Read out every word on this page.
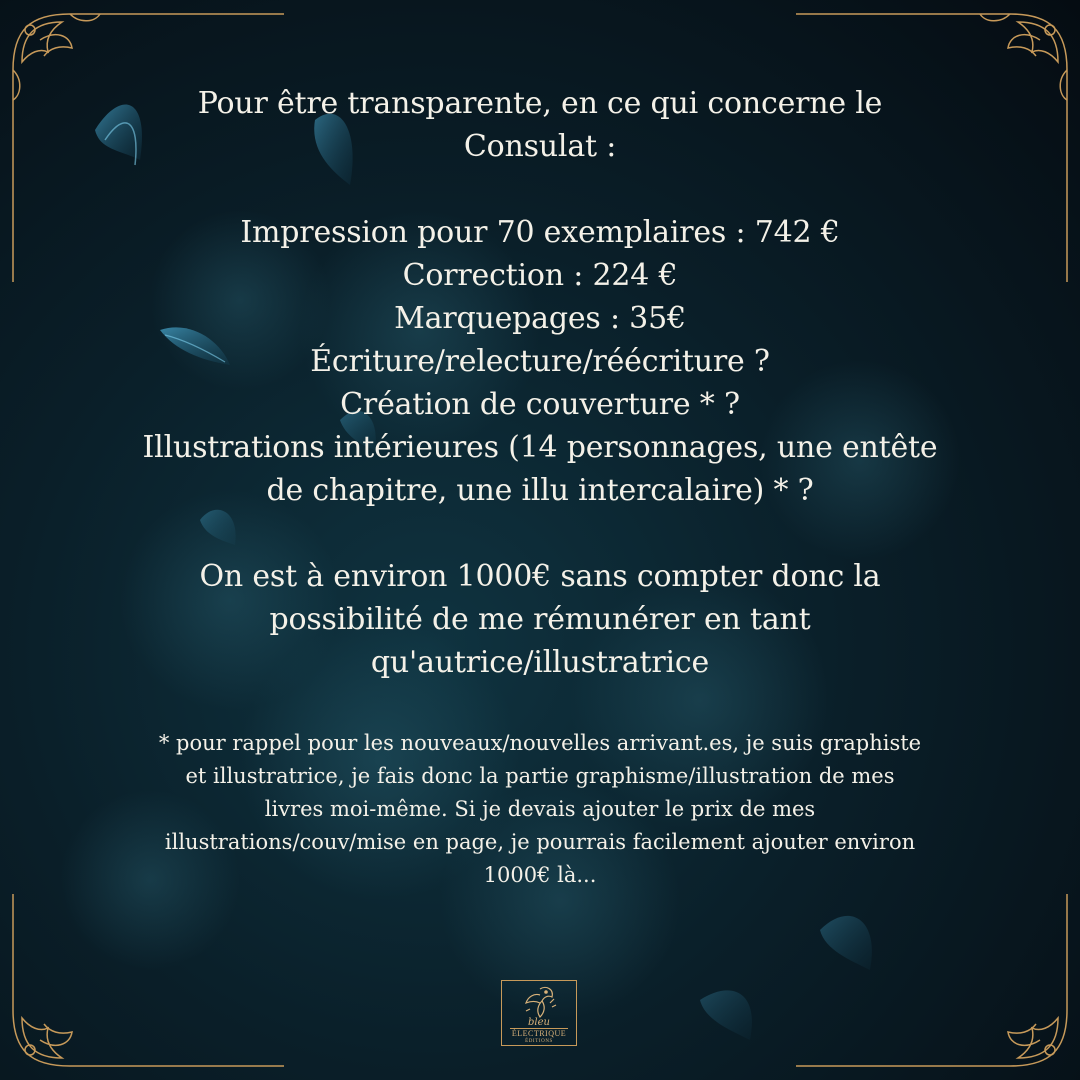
Pour être transparente, en ce qui concerne le
Consulat :
Impression pour 70 exemplaires : 742 €
Correction : 224 €
Marquepages : 35€
Écriture/relecture/réécriture ?
Création de couverture * ?
Illustrations intérieures (14 personnages, une entête
de chapitre, une illu intercalaire) * ?
On est à environ 1000€ sans compter donc la
possibilité de me rémunérer en tant
qu'autrice/illustratrice
* pour rappel pour les nouveaux/nouvelles arrivant.es, je suis graphiste
et illustratrice, je fais donc la partie graphisme/illustration de mes
livres moi-même. Si je devais ajouter le prix de mes
illustrations/couv/mise en page, je pourrais facilement ajouter environ
1000€ là...
bleu
ÉLECTRIQUE
ÉDITIONS
